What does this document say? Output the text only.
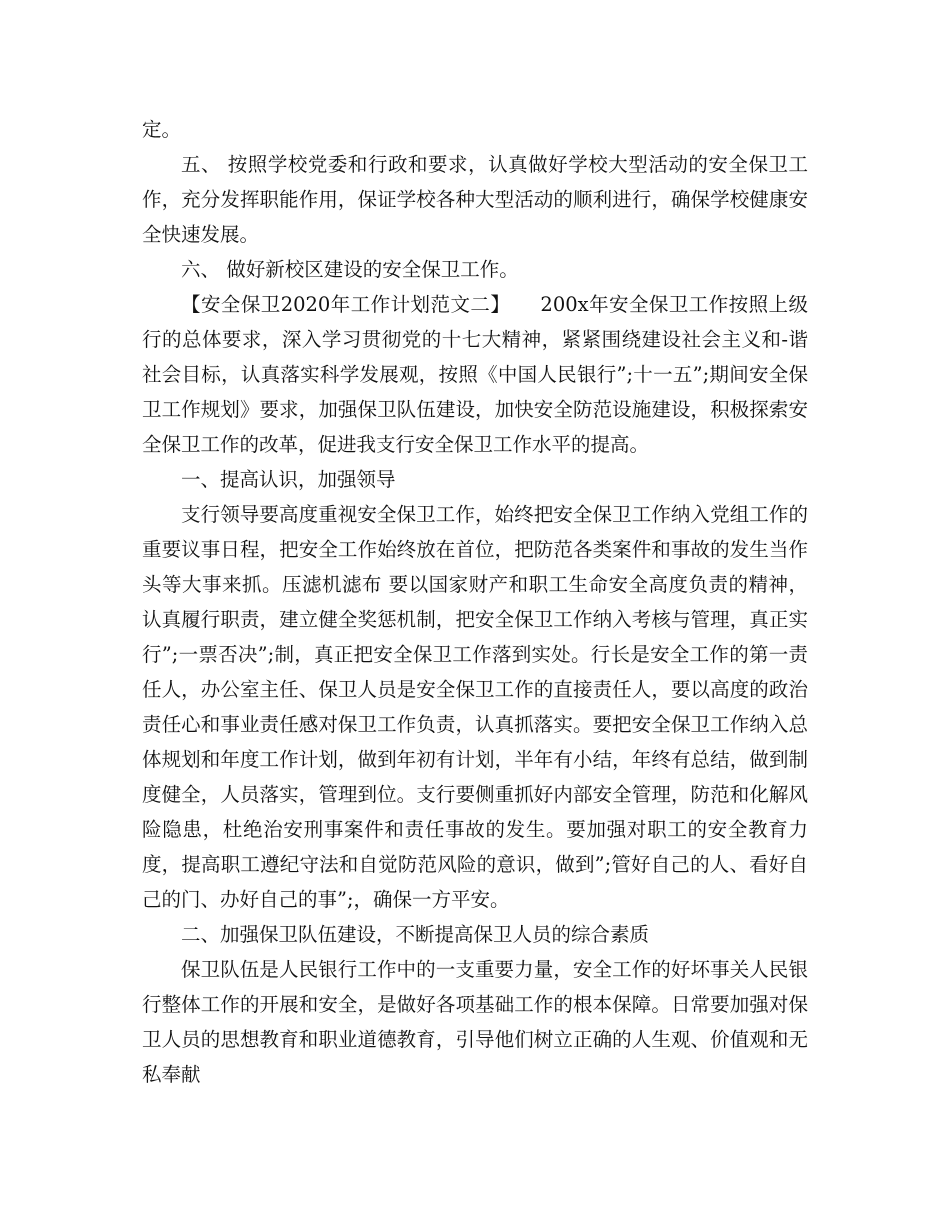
定。

五、 按照学校党委和行政和要求，认真做好学校大型活动的安全保卫工作，充分发挥职能作用，保证学校各种大型活动的顺利进行，确保学校健康安全快速发展。

六、 做好新校区建设的安全保卫工作。

【安全保卫2020年工作计划范文二】　　200x年安全保卫工作按照上级行的总体要求，深入学习贯彻党的十七大精神，紧紧围绕建设社会主义和-谐社会目标，认真落实科学发展观，按照《中国人民银行”;十一五”;期间安全保卫工作规划》要求，加强保卫队伍建设，加快安全防范设施建设，积极探索安全保卫工作的改革，促进我支行安全保卫工作水平的提高。

一、提高认识，加强领导

支行领导要高度重视安全保卫工作，始终把安全保卫工作纳入党组工作的重要议事日程，把安全工作始终放在首位，把防范各类案件和事故的发生当作头等大事来抓。压滤机滤布 要以国家财产和职工生命安全高度负责的精神，认真履行职责，建立健全奖惩机制，把安全保卫工作纳入考核与管理，真正实行”;一票否决”;制，真正把安全保卫工作落到实处。行长是安全工作的第一责任人，办公室主任、保卫人员是安全保卫工作的直接责任人，要以高度的政治责任心和事业责任感对保卫工作负责，认真抓落实。要把安全保卫工作纳入总体规划和年度工作计划，做到年初有计划，半年有小结，年终有总结，做到制度健全，人员落实，管理到位。支行要侧重抓好内部安全管理，防范和化解风险隐患，杜绝治安刑事案件和责任事故的发生。要加强对职工的安全教育力度，提高职工遵纪守法和自觉防范风险的意识，做到”;管好自己的人、看好自己的门、办好自己的事”;，确保一方平安。

二、加强保卫队伍建设，不断提高保卫人员的综合素质

保卫队伍是人民银行工作中的一支重要力量，安全工作的好坏事关人民银行整体工作的开展和安全，是做好各项基础工作的根本保障。日常要加强对保卫人员的思想教育和职业道德教育，引导他们树立正确的人生观、价值观和无私奉献
